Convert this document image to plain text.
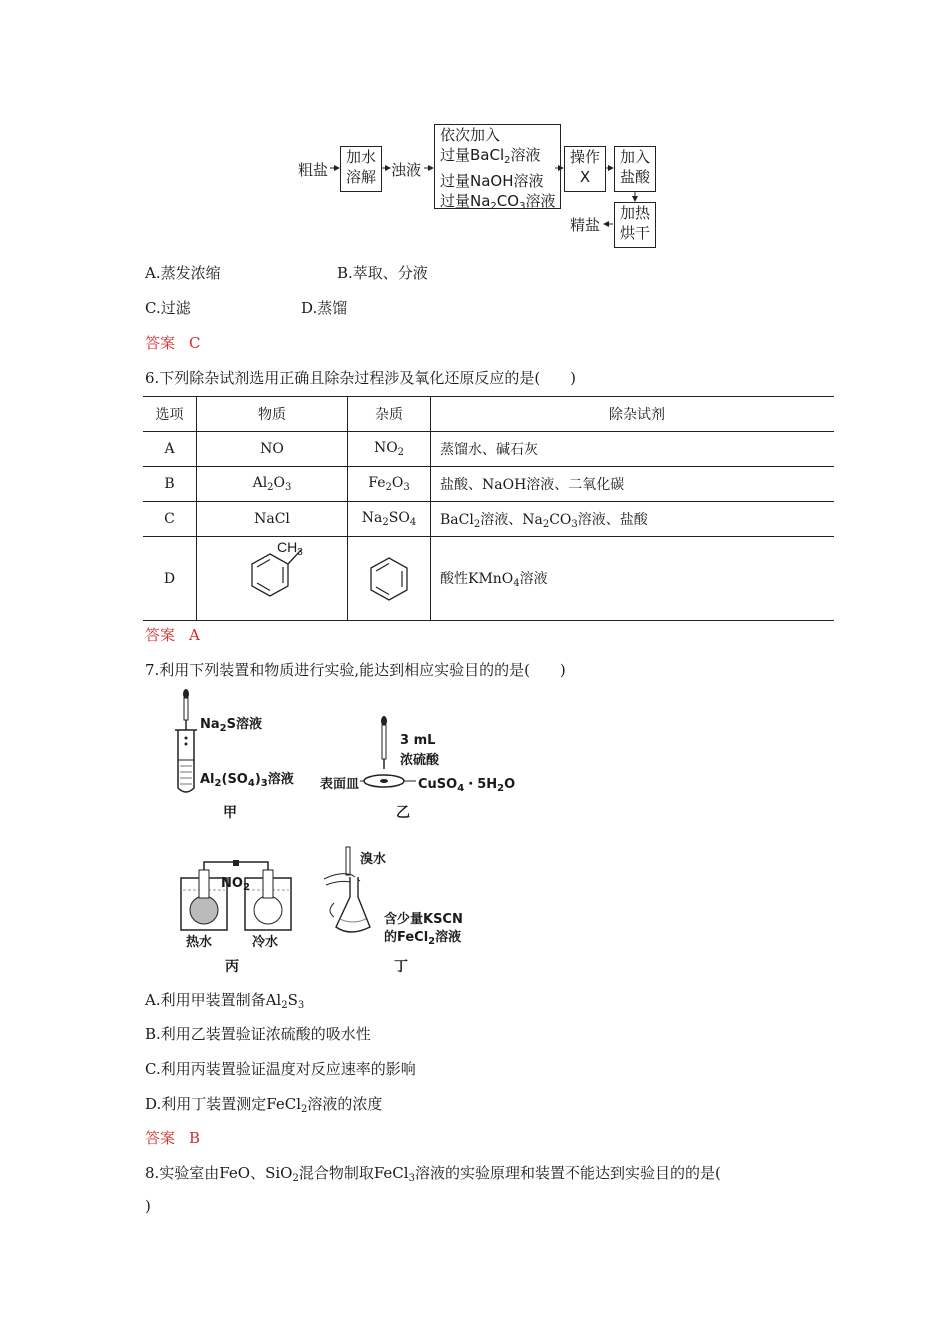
粗盐
加水
溶解	浊液
依次加入
过量BaCl$_2$溶液
过量NaOH溶液
过量$Na_2CO_3$溶液
操作
X
加入
盐酸
加热
烘干
精盐
A.蒸发浓缩	B.萃取、分液
C.过滤	D.蒸馏
答案 C
6.下列除杂试剂选用正确且除杂过程涉及氧化还原反应的是(　　)
选项	物质	杂质	除杂试剂
A	NO	$NO_2$	蒸馏水、碱石灰
B	$Al_2O_3$	$Fe_2O_3$	盐酸、NaOH溶液、二氧化碳
C	NaCl	$Na_2SO_4$	BaCl$_2$溶液、$Na_2CO_3$溶液、盐酸
D	$CH_3$		酸性KMnO$_4$溶液
答案 A
7.利用下列装置和物质进行实验,能达到相应实验目的的是(　　)
$Na_2S$溶液
$Al_2(SO_4)_3$溶液
甲
3 mL
浓硫酸
表面皿	CuSO$_4$・$5H_2O$
乙
$NO_2$
热水	冷水
丙
溴水
含少量KSCN
的FeCl$_2$溶液
丁
A.利用甲装置制备$Al_2S_3$
B.利用乙装置验证浓硫酸的吸水性
C.利用丙装置验证温度对反应速率的影响
D.利用丁装置测定FeCl$_2$溶液的浓度
答案 B
8.实验室由FeO、SiO$_2$混合物制取FeCl$_3$溶液的实验原理和装置不能达到实验目的的是(
)
